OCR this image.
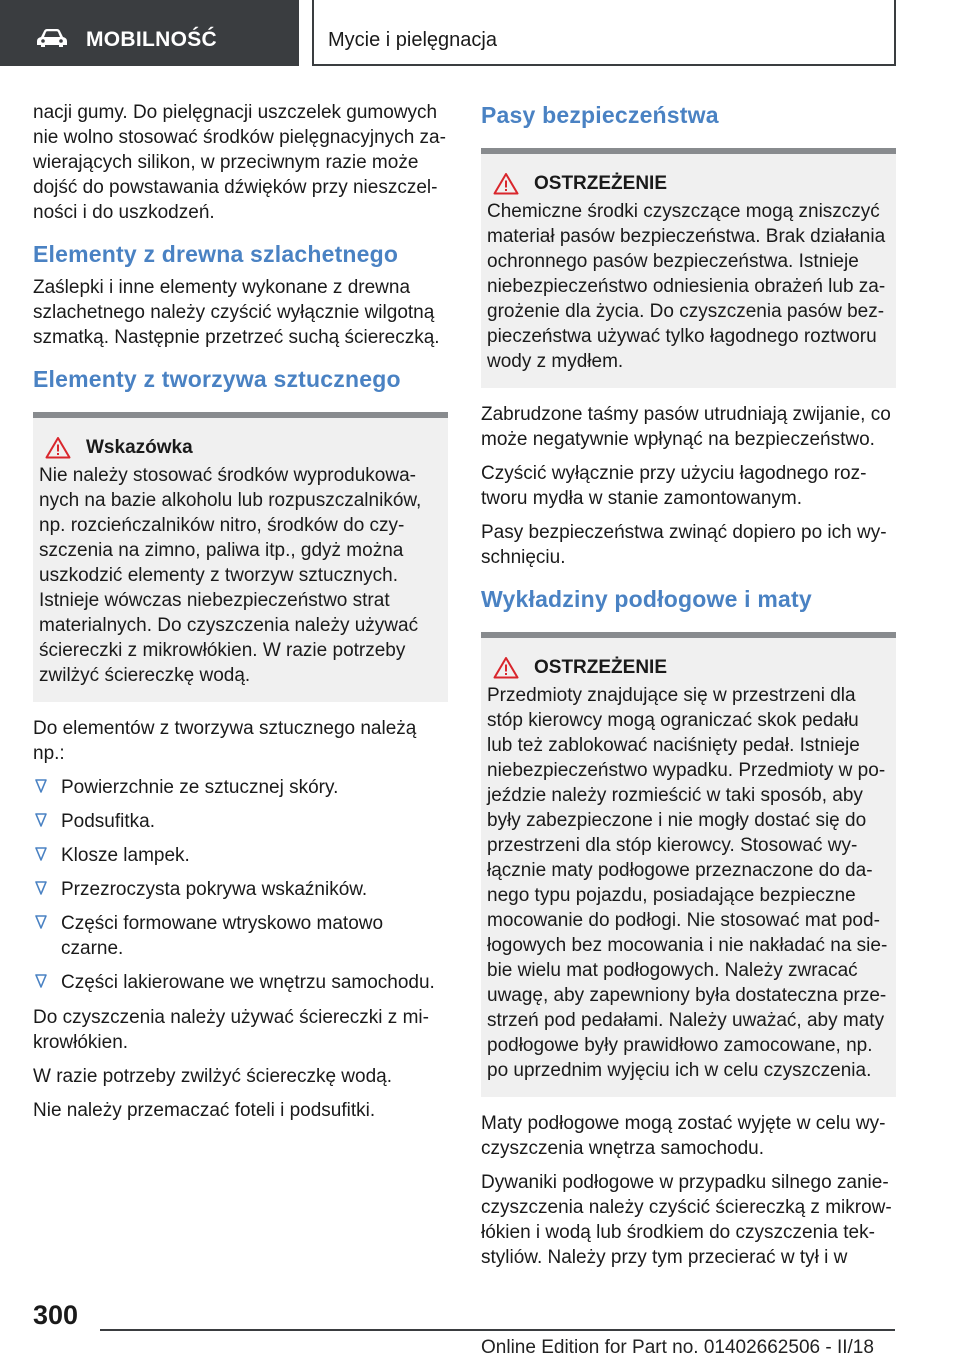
MOBILNOŚĆ	Mycie i pielęgnacja

nacji gumy. Do pielęgnacji uszczelek gumowych nie wolno stosować środków pielęgnacyjnych zawierających silikon, w przeciwnym razie może dojść do powstawania dźwięków przy nieszczelności i do uszkodzeń.

Elementy z drewna szlachetnego

Zaślepki i inne elementy wykonane z drewna szlachetnego należy czyścić wyłącznie wilgotną szmatką. Następnie przetrzeć suchą ściereczką.

Elementy z tworzywa sztucznego
Wskazówka
Nie należy stosować środków wyprodukowanych na bazie alkoholu lub rozpuszczalników, np. rozcieńczalników nitro, środków do czyszczenia na zimno, paliwa itp., gdyż można uszkodzić elementy z tworzyw sztucznych. Istnieje wówczas niebezpieczeństwo strat materialnych. Do czyszczenia należy używać ściereczki z mikrowłókien. W razie potrzeby zwilżyć ściereczkę wodą.

Do elementów z tworzywa sztucznego należą np.:

Powierzchnie ze sztucznej skóry.
Podsufitka.
Klosze lampek.
Przezroczysta pokrywa wskaźników.
Części formowane wtryskowo matowo czarne.
Części lakierowane we wnętrzu samochodu.

Do czyszczenia należy używać ściereczki z mikrowłókien.

W razie potrzeby zwilżyć ściereczkę wodą.

Nie należy przemaczać foteli i podsufitki.

Pasy bezpieczeństwa
OSTRZEŻENIE
Chemiczne środki czyszczące mogą zniszczyć materiał pasów bezpieczeństwa. Brak działania ochronnego pasów bezpieczeństwa. Istnieje niebezpieczeństwo odniesienia obrażeń lub zagrożenie dla życia. Do czyszczenia pasów bezpieczeństwa używać tylko łagodnego roztworu wody z mydłem.

Zabrudzone taśmy pasów utrudniają zwijanie, co może negatywnie wpłynąć na bezpieczeństwo.

Czyścić wyłącznie przy użyciu łagodnego roztworu mydła w stanie zamontowanym.

Pasy bezpieczeństwa zwinąć dopiero po ich wyschnięciu.

Wykładziny podłogowe i maty
OSTRZEŻENIE
Przedmioty znajdujące się w przestrzeni dla stóp kierowcy mogą ograniczać skok pedału lub też zablokować naciśnięty pedał. Istnieje niebezpieczeństwo wypadku. Przedmioty w pojeździe należy rozmieścić w taki sposób, aby były zabezpieczone i nie mogły dostać się do przestrzeni dla stóp kierowcy. Stosować wyłącznie maty podłogowe przeznaczone do danego typu pojazdu, posiadające bezpieczne mocowanie do podłogi. Nie stosować mat podłogowych bez mocowania i nie nakładać na siebie wielu mat podłogowych. Należy zwracać uwagę, aby zapewniony była dostateczna przestrzeń pod pedałami. Należy uważać, aby maty podłogowe były prawidłowo zamocowane, np. po uprzednim wyjęciu ich w celu czyszczenia.

Maty podłogowe mogą zostać wyjęte w celu wyczyszczenia wnętrza samochodu.

Dywaniki podłogowe w przypadku silnego zanieczyszczenia należy czyścić ściereczką z mikrowłókien i wodą lub środkiem do czyszczenia tekstyliów. Należy przy tym przecierać w tył i w

300
Online Edition for Part no. 01402662506 - II/18
